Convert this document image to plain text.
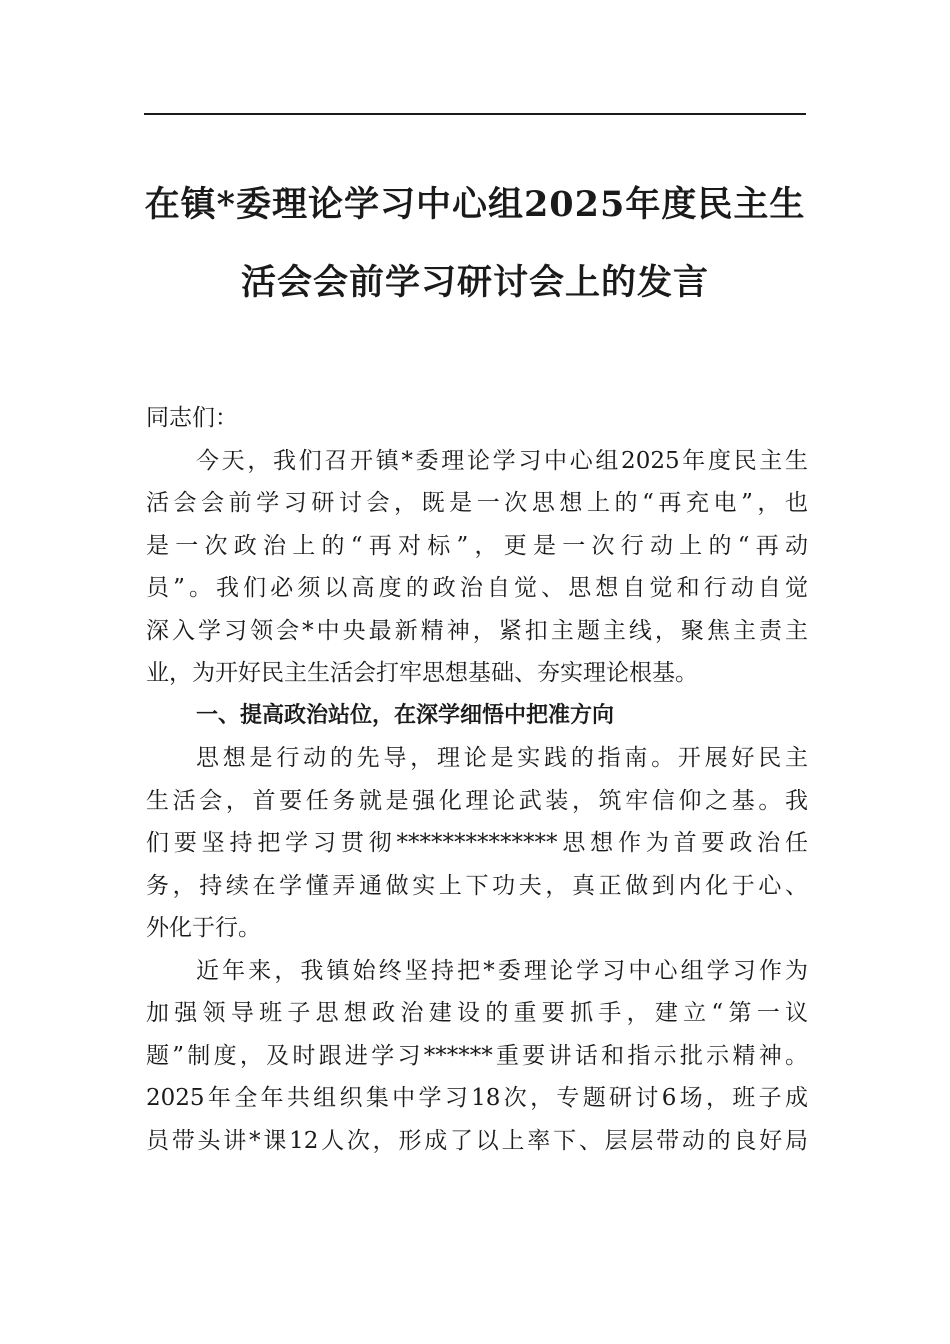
在镇*委理论学习中心组2025年度民主生
活会会前学习研讨会上的发言
同志们：
今天，我们召开镇*委理论学习中心组2025年度民主生
活会会前学习研讨会，既是一次思想上的“再充电”，也
是一次政治上的“再对标”，更是一次行动上的“再动
员”。我们必须以高度的政治自觉、思想自觉和行动自觉
深入学习领会*中央最新精神，紧扣主题主线，聚焦主责主
业，为开好民主生活会打牢思想基础、夯实理论根基。
一、提高政治站位，在深学细悟中把准方向
思想是行动的先导，理论是实践的指南。开展好民主
生活会，首要任务就是强化理论武装，筑牢信仰之基。我
们要坚持把学习贯彻**************思想作为首要政治任
务，持续在学懂弄通做实上下功夫，真正做到内化于心、
外化于行。
近年来，我镇始终坚持把*委理论学习中心组学习作为
加强领导班子思想政治建设的重要抓手，建立“第一议
题”制度，及时跟进学习******重要讲话和指示批示精神。
2025年全年共组织集中学习18次，专题研讨6场，班子成
员带头讲*课12人次，形成了以上率下、层层带动的良好局
